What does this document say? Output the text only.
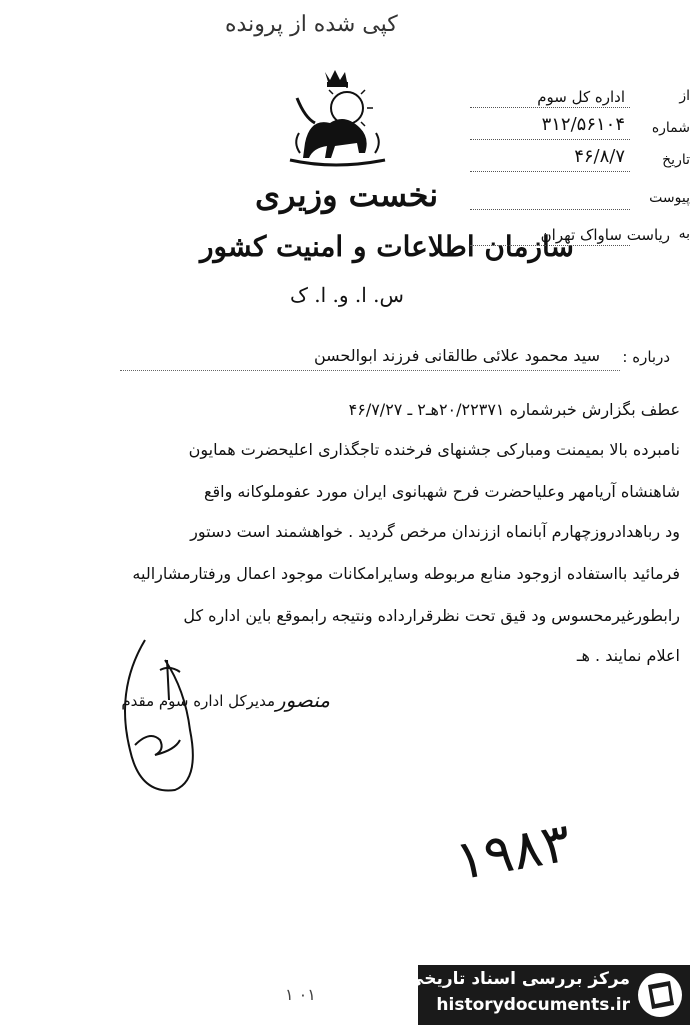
کپی شده از پرونده
نخست وزیری
سازمان اطلاعات و امنیت کشور
س. ا. و. ا. ک
از
اداره کل سوم
شماره
۳۱۲/۵۶۱۰۴
تاریخ
۴۶/۸/۷
پیوست
به
ریاست ساواک تهران
درباره :
سید محمود علائی طالقانی فرزند ابوالحسن
عطف بگزارش خبرشماره ۲۰/۲۲۳۷۱هـ۲ ـ ۴۶/۷/۲۷
نامبرده بالا بمیمنت ومبارکی جشنهای فرخنده تاجگذاری اعلیحضرت همایون
شاهنشاه آریامهر وعلیاحضرت فرح شهبانوی ایران مورد عفوملوکانه واقع
ود رباهدادروزچهارم آبانماه اززندان مرخص گردید . خواهشمند است دستور
فرمائید بااستفاده ازوجود منابع مربوطه وسایرامکانات موجود اعمال ورفتارمشارالیه
رابطورغیرمحسوس ود قیق تحت نظرقرارداده ونتیجه رابموقع باین اداره کل
اعلام نمایند . هـ
مدیرکل اداره سوم مقدم منصور
۱۹۸۳
۱ ۰۱
مرکز بررسی اسناد تاریخی
historydocuments.ir
